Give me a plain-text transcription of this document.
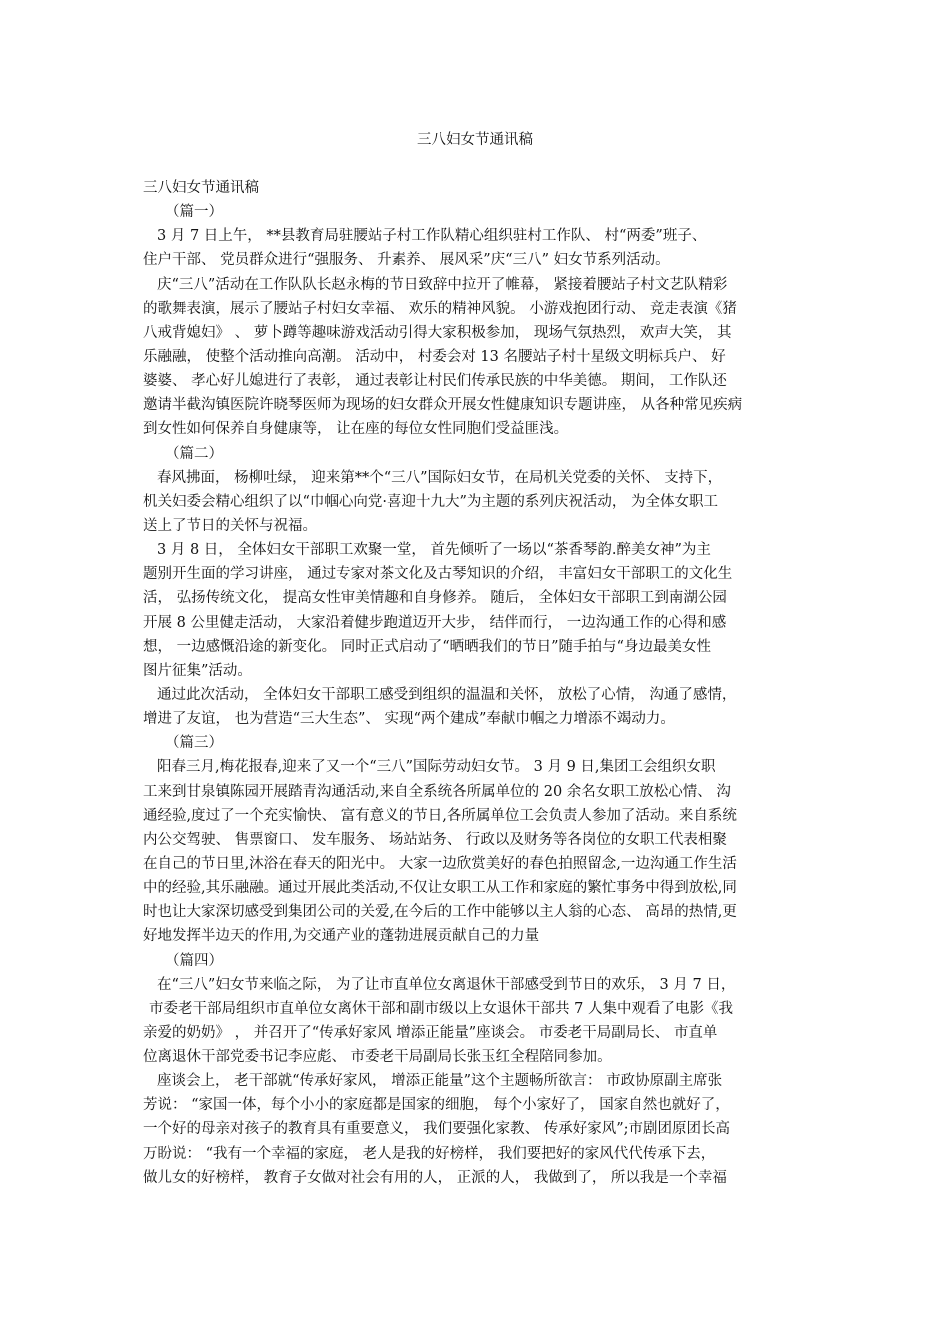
三八妇女节通讯稿
三八妇女节通讯稿
（篇一）
3 月 7 日上午， **县教育局驻腰站子村工作队精心组织驻村工作队、 村“两委”班子、
住户干部、 党员群众进行“强服务、 升素养、 展风采”庆“三八” 妇女节系列活动。
庆“三八”活动在工作队队长赵永梅的节日致辞中拉开了帷幕， 紧接着腰站子村文艺队精彩
的歌舞表演，展示了腰站子村妇女幸福、 欢乐的精神风貌。 小游戏抱团行动、 竞走表演《猪
八戒背媳妇》 、 萝卜蹲等趣味游戏活动引得大家积极参加， 现场气氛热烈， 欢声大笑， 其
乐融融， 使整个活动推向高潮。 活动中， 村委会对 13 名腰站子村十星级文明标兵户、 好
婆婆、 孝心好儿媳进行了表彰， 通过表彰让村民们传承民族的中华美德。 期间， 工作队还
邀请半截沟镇医院许晓琴医师为现场的妇女群众开展女性健康知识专题讲座， 从各种常见疾病
到女性如何保养自身健康等， 让在座的每位女性同胞们受益匪浅。
（篇二）
春风拂面， 杨柳吐绿， 迎来第**个“三八”国际妇女节，在局机关党委的关怀、 支持下，
机关妇委会精心组织了以“巾帼心向党·喜迎十九大”为主题的系列庆祝活动， 为全体女职工
送上了节日的关怀与祝福。
3 月 8 日， 全体妇女干部职工欢聚一堂， 首先倾听了一场以“茶香琴韵.醉美女神”为主
题别开生面的学习讲座， 通过专家对茶文化及古琴知识的介绍， 丰富妇女干部职工的文化生
活， 弘扬传统文化， 提高女性审美情趣和自身修养。 随后， 全体妇女干部职工到南湖公园
开展 8 公里健走活动， 大家沿着健步跑道迈开大步， 结伴而行， 一边沟通工作的心得和感
想， 一边感慨沿途的新变化。 同时正式启动了“晒晒我们的节日”随手拍与“身边最美女性
图片征集”活动。
通过此次活动， 全体妇女干部职工感受到组织的温温和关怀， 放松了心情， 沟通了感情，
增进了友谊， 也为营造“三大生态”、 实现“两个建成”奉献巾帼之力增添不竭动力。
（篇三）
阳春三月,梅花报春,迎来了又一个“三八”国际劳动妇女节。 3 月 9 日,集团工会组织女职
工来到甘泉镇陈园开展踏青沟通活动,来自全系统各所属单位的 20 余名女职工放松心情、 沟
通经验,度过了一个充实愉快、 富有意义的节日,各所属单位工会负责人参加了活动。来自系统
内公交驾驶、 售票窗口、 发车服务、 场站站务、 行政以及财务等各岗位的女职工代表相聚
在自己的节日里,沐浴在春天的阳光中。 大家一边欣赏美好的春色拍照留念,一边沟通工作生活
中的经验,其乐融融。通过开展此类活动,不仅让女职工从工作和家庭的繁忙事务中得到放松,同
时也让大家深切感受到集团公司的关爱,在今后的工作中能够以主人翁的心态、 高昂的热情,更
好地发挥半边天的作用,为交通产业的蓬勃进展贡献自己的力量
（篇四）
在“三八”妇女节来临之际， 为了让市直单位女离退休干部感受到节日的欢乐， 3 月 7 日，
市委老干部局组织市直单位女离休干部和副市级以上女退休干部共 7 人集中观看了电影《我
亲爱的奶奶》 ， 并召开了“传承好家风 增添正能量”座谈会。 市委老干局副局长、 市直单
位离退休干部党委书记李应彪、 市委老干局副局长张玉红全程陪同参加。
座谈会上， 老干部就“传承好家风， 增添正能量”这个主题畅所欲言： 市政协原副主席张
芳说： “家国一体，每个小小的家庭都是国家的细胞， 每个小家好了， 国家自然也就好了，
一个好的母亲对孩子的教育具有重要意义， 我们要强化家教、 传承好家风”;市剧团原团长高
万盼说： “我有一个幸福的家庭， 老人是我的好榜样， 我们要把好的家风代代传承下去，
做儿女的好榜样， 教育子女做对社会有用的人， 正派的人， 我做到了， 所以我是一个幸福
